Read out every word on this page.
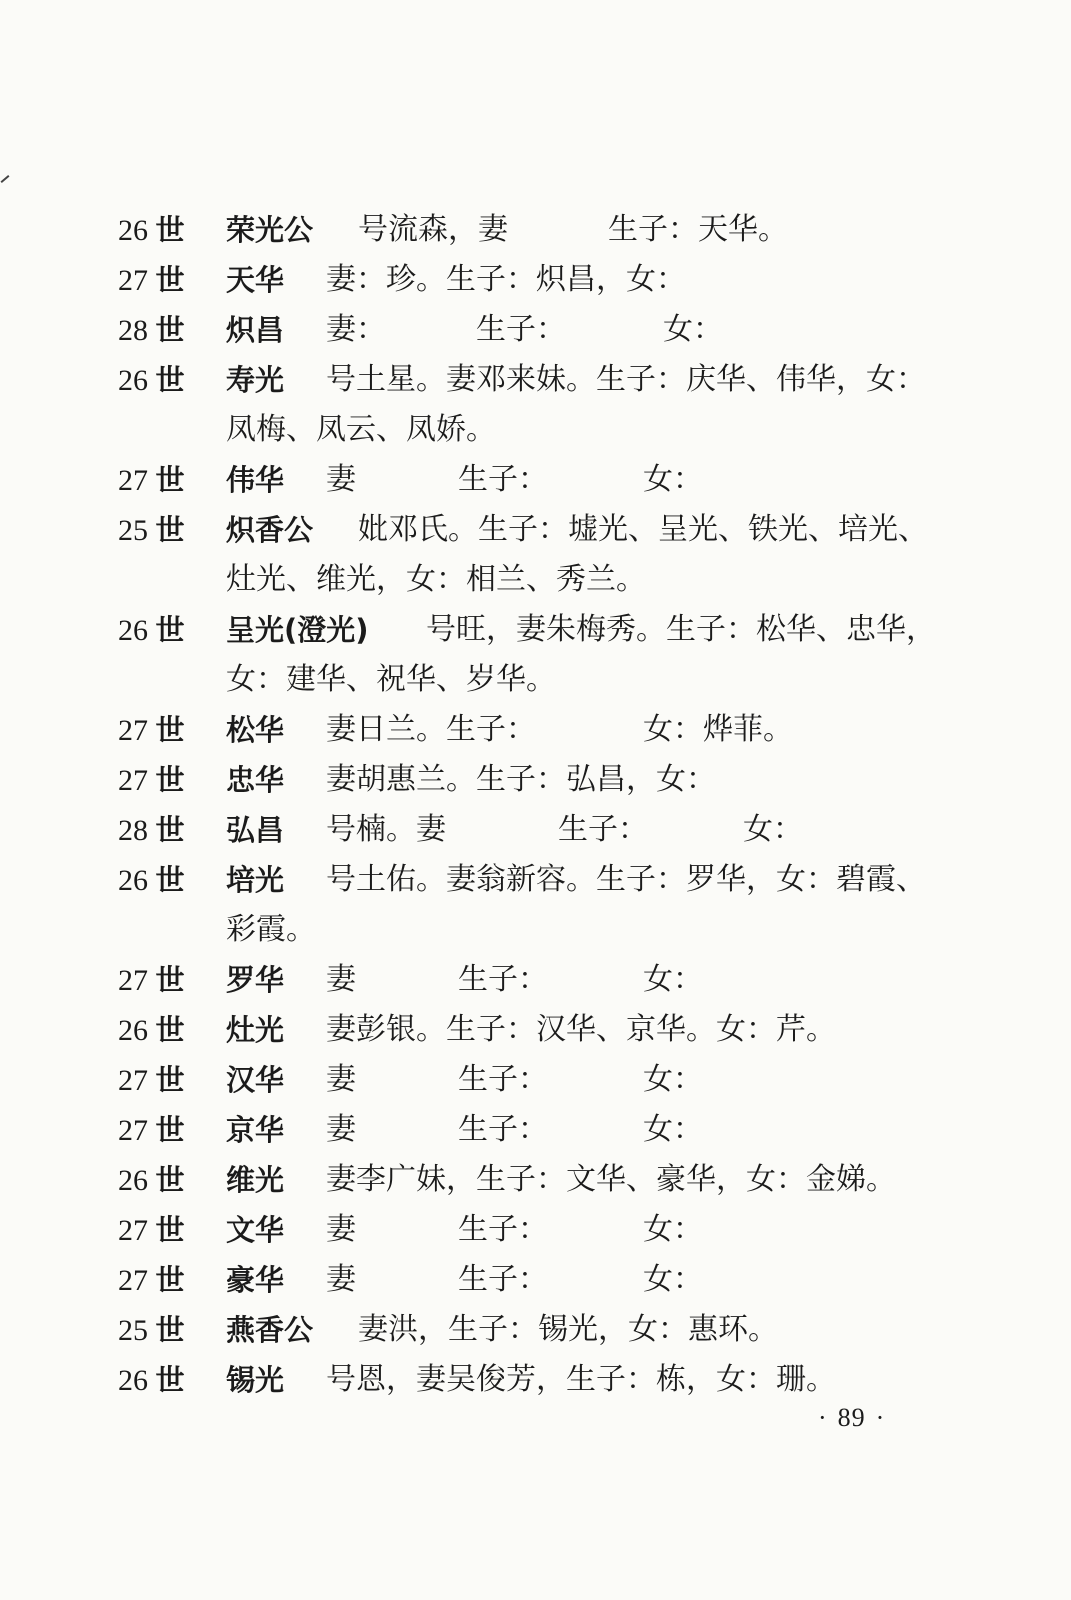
26 世 荣光公 号流森，妻	生子：天华。
27 世 天华 妻：珍。生子：炽昌，女：
28 世 炽昌 妻：	生子：	女：
26 世 寿光 号土星。妻邓来妹。生子：庆华、伟华，女：
凤梅、凤云、凤娇。
27 世 伟华 妻	生子：	女：
25 世 炽香公 妣邓氏。生子：墟光、呈光、铁光、培光、
灶光、维光，女：相兰、秀兰。
26 世 呈光(澄光) 号旺，妻朱梅秀。生子：松华、忠华，
女：建华、祝华、岁华。
27 世 松华 妻日兰。生子：	女：烨菲。
27 世 忠华 妻胡惠兰。生子：弘昌，女：
28 世 弘昌 号楠。妻	生子：	女：
26 世 培光 号土佑。妻翁新容。生子：罗华，女：碧霞、
彩霞。
27 世 罗华 妻	生子：	女：
26 世 灶光 妻彭银。生子：汉华、京华。女：芹。
27 世 汉华 妻	生子：	女：
27 世 京华 妻	生子：	女：
26 世 维光 妻李广妹，生子：文华、豪华，女：金娣。
27 世 文华 妻	生子：	女：
27 世 豪华 妻	生子：	女：
25 世 燕香公 妻洪，生子：锡光，女：惠环。
26 世 锡光 号恩，妻吴俊芳，生子：栋，女：珊。
· 89 ·
